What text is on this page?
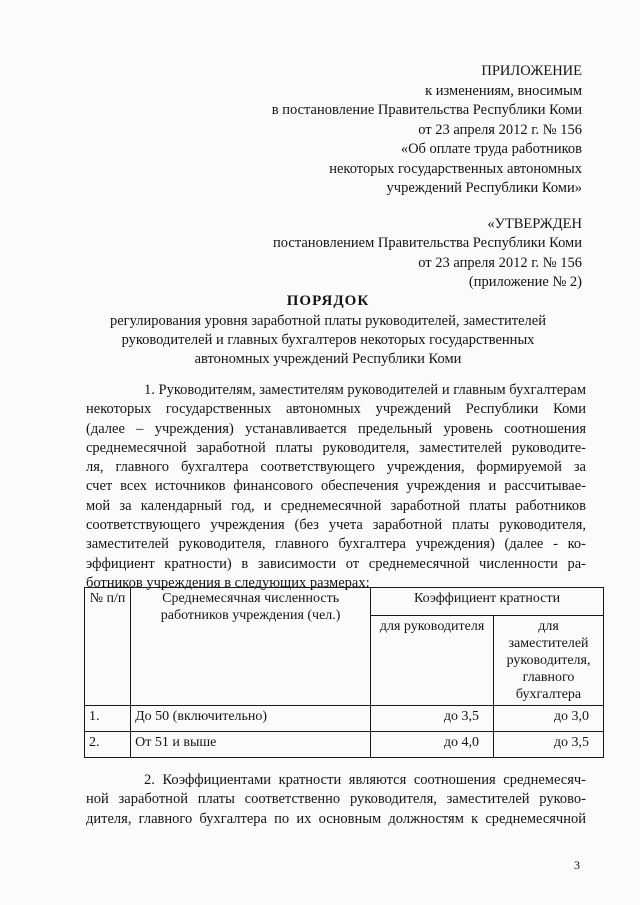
ПРИЛОЖЕНИЕ
к изменениям, вносимым
в постановление Правительства Республики Коми
от 23 апреля 2012 г. № 156
«Об оплате труда работников
некоторых государственных автономных
учреждений Республики Коми»
«УТВЕРЖДЕН
постановлением Правительства Республики Коми
от 23 апреля 2012 г. № 156
(приложение № 2)
ПОРЯДОК
регулирования уровня заработной платы руководителей, заместителей
руководителей и главных бухгалтеров некоторых государственных
автономных учреждений Республики Коми
1. Руководителям, заместителям руководителей и главным бухгалтерам
некоторых государственных автономных учреждений Республики Коми
(далее – учреждения) устанавливается предельный уровень соотношения
среднемесячной заработной платы руководителя, заместителей руководите-
ля, главного бухгалтера соответствующего учреждения, формируемой за
счет всех источников финансового обеспечения учреждения и рассчитывае-
мой за календарный год, и среднемесячной заработной платы работников
соответствующего учреждения (без учета заработной платы руководителя,
заместителей руководителя, главного бухгалтера учреждения) (далее - ко-
эффициент кратности) в зависимости от среднемесячной численности ра-
ботников учреждения в следующих размерах:
№ п/п	Среднемесячная численность работников учреждения (чел.)	Коэффициент кратности	
		для руководителя	для заместителей руководителя, главного бухгалтера
1.	До 50 (включительно)	до 3,5	до 3,0
2.	От 51 и выше	до 4,0	до 3,5
2. Коэффициентами кратности являются соотношения среднемесяч-
ной заработной платы соответственно руководителя, заместителей руково-
дителя, главного бухгалтера по их основным должностям к среднемесячной
3
